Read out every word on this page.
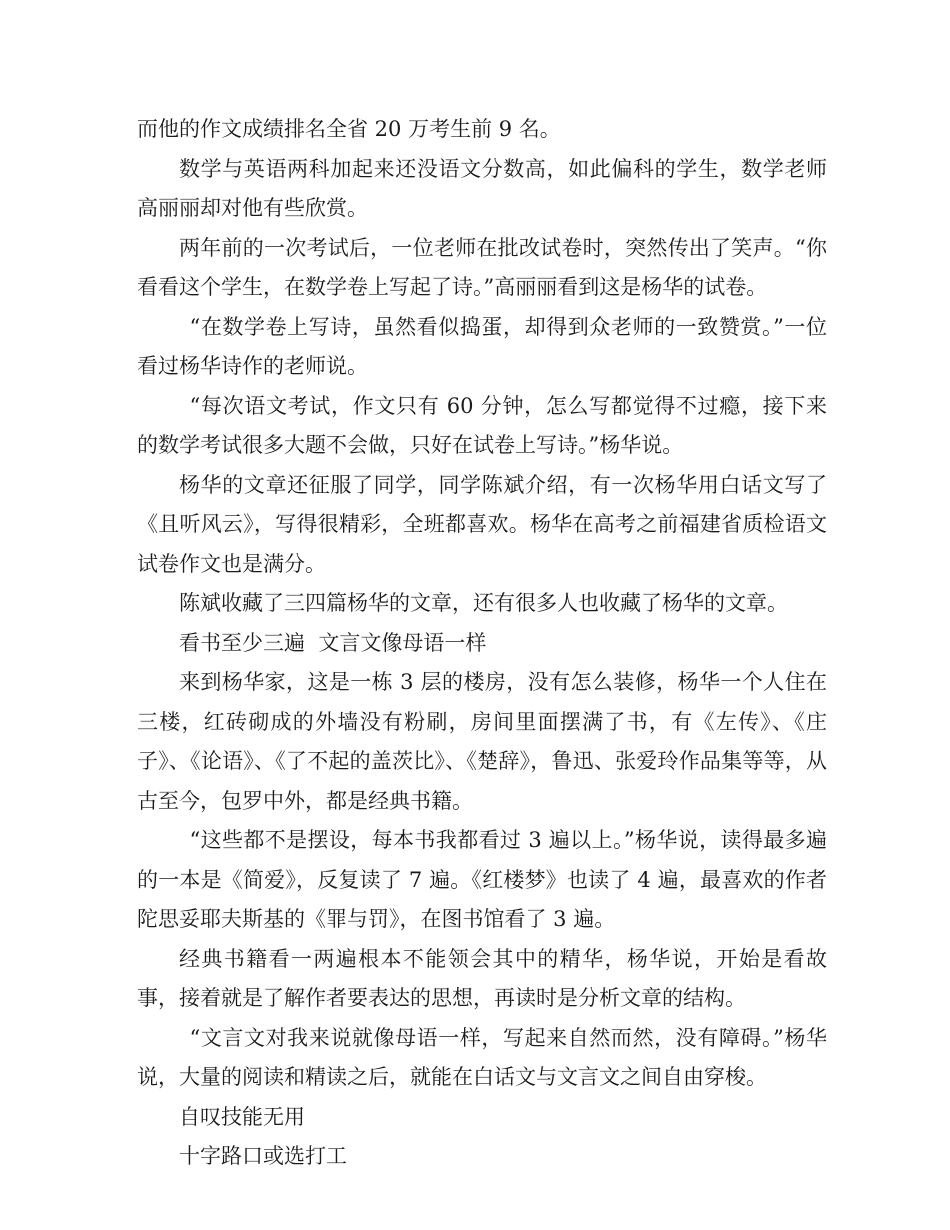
而他的作文成绩排名全省 20 万考生前 9 名。

数学与英语两科加起来还没语文分数高，如此偏科的学生，数学老师高丽丽却对他有些欣赏。

两年前的一次考试后，一位老师在批改试卷时，突然传出了笑声。“你看看这个学生，在数学卷上写起了诗。”高丽丽看到这是杨华的试卷。

“在数学卷上写诗，虽然看似捣蛋，却得到众老师的一致赞赏。”一位看过杨华诗作的老师说。

“每次语文考试，作文只有 60 分钟，怎么写都觉得不过瘾，接下来的数学考试很多大题不会做，只好在试卷上写诗。”杨华说。

杨华的文章还征服了同学，同学陈斌介绍，有一次杨华用白话文写了《且听风云》，写得很精彩，全班都喜欢。杨华在高考之前福建省质检语文试卷作文也是满分。

陈斌收藏了三四篇杨华的文章，还有很多人也收藏了杨华的文章。

看书至少三遍  文言文像母语一样

来到杨华家，这是一栋 3 层的楼房，没有怎么装修，杨华一个人住在三楼，红砖砌成的外墙没有粉刷，房间里面摆满了书，有《左传》、《庄子》、《论语》、《了不起的盖茨比》、《楚辞》，鲁迅、张爱玲作品集等等，从古至今，包罗中外，都是经典书籍。

“这些都不是摆设，每本书我都看过 3 遍以上。”杨华说，读得最多遍的一本是《简爱》，反复读了 7 遍。《红楼梦》也读了 4 遍，最喜欢的作者陀思妥耶夫斯基的《罪与罚》，在图书馆看了 3 遍。

经典书籍看一两遍根本不能领会其中的精华，杨华说，开始是看故事，接着就是了解作者要表达的思想，再读时是分析文章的结构。

“文言文对我来说就像母语一样，写起来自然而然，没有障碍。”杨华说，大量的阅读和精读之后，就能在白话文与文言文之间自由穿梭。

自叹技能无用

十字路口或选打工
